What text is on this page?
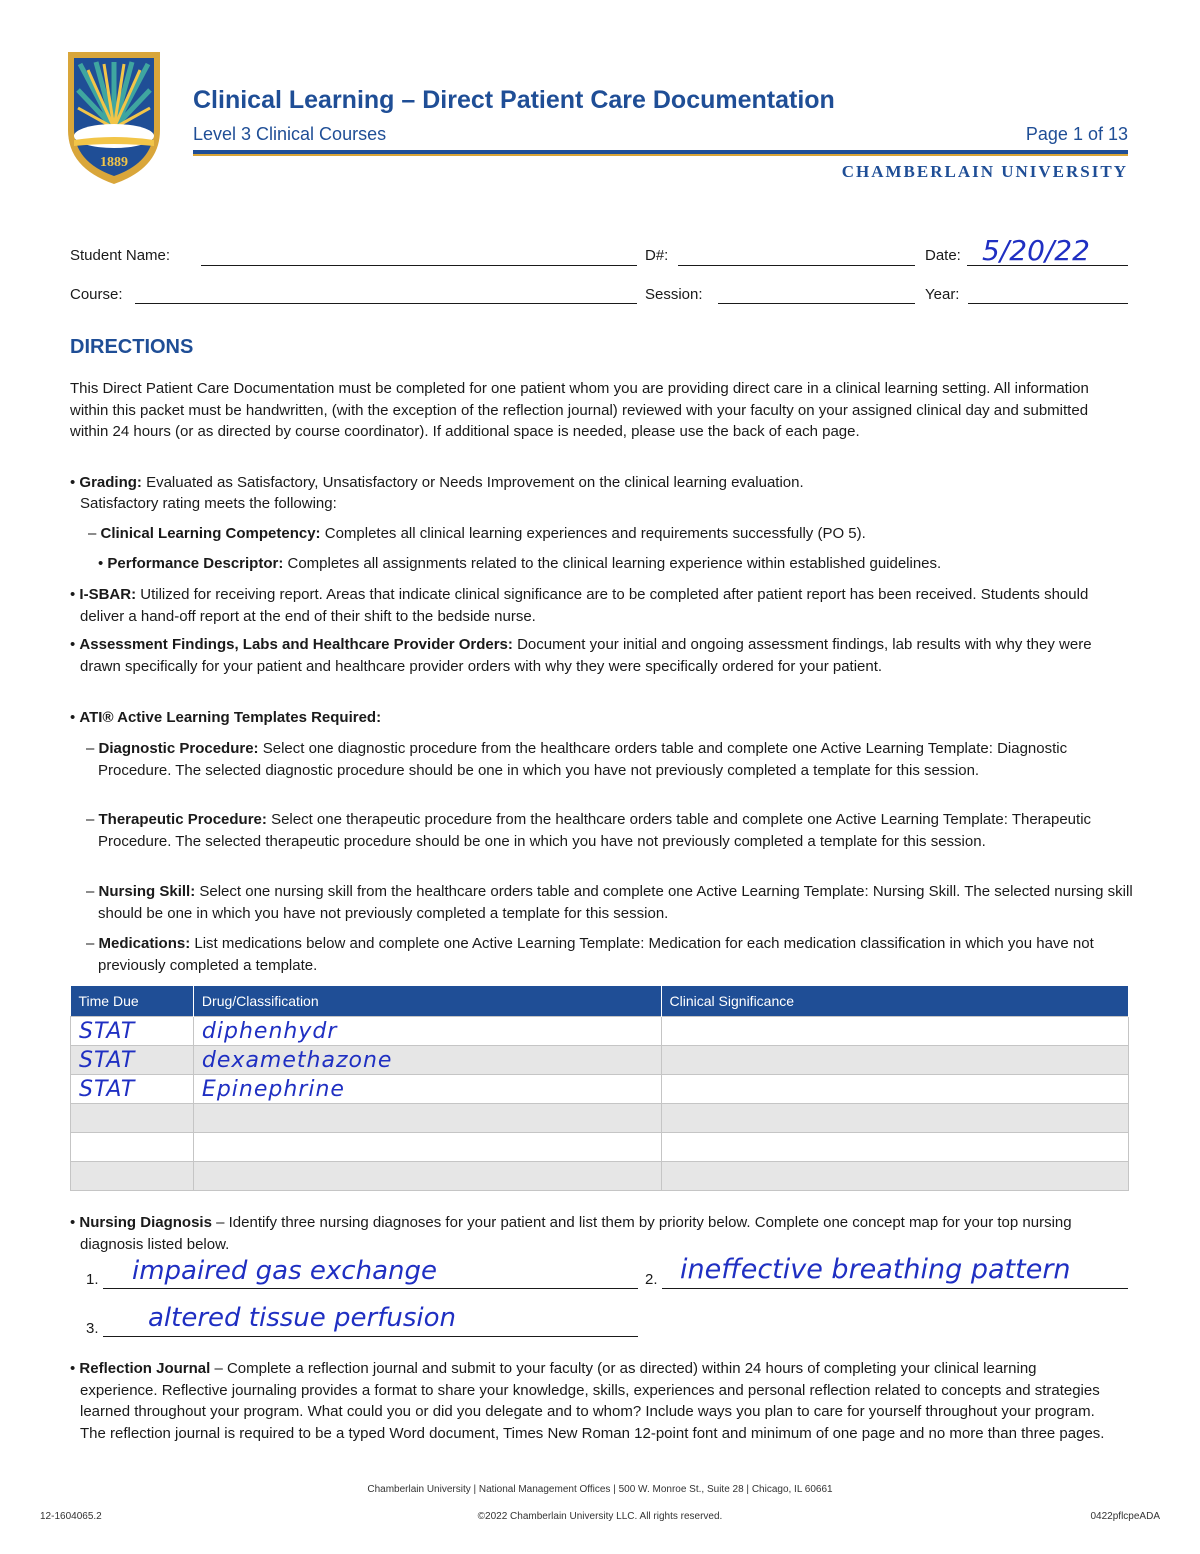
1889
Clinical Learning – Direct Patient Care Documentation
Level 3 Clinical Courses	Page 1 of 13
CHAMBERLAIN UNIVERSITY
Student Name:	D#:	Date: 5/20/22
Course:	Session:	Year:
DIRECTIONS
This Direct Patient Care Documentation must be completed for one patient whom you are providing direct care in a clinical learning setting. All information within this packet must be handwritten, (with the exception of the reflection journal) reviewed with your faculty on your assigned clinical day and submitted within 24 hours (or as directed by course coordinator). If additional space is needed, please use the back of each page.
• Grading: Evaluated as Satisfactory, Unsatisfactory or Needs Improvement on the clinical learning evaluation.
Satisfactory rating meets the following:
– Clinical Learning Competency: Completes all clinical learning experiences and requirements successfully (PO 5).
• Performance Descriptor: Completes all assignments related to the clinical learning experience within established guidelines.
• I-SBAR: Utilized for receiving report. Areas that indicate clinical significance are to be completed after patient report has been received. Students should deliver a hand-off report at the end of their shift to the bedside nurse.
• Assessment Findings, Labs and Healthcare Provider Orders: Document your initial and ongoing assessment findings, lab results with why they were drawn specifically for your patient and healthcare provider orders with why they were specifically ordered for your patient.
• ATI® Active Learning Templates Required:
– Diagnostic Procedure: Select one diagnostic procedure from the healthcare orders table and complete one Active Learning Template: Diagnostic Procedure. The selected diagnostic procedure should be one in which you have not previously completed a template for this session.
– Therapeutic Procedure: Select one therapeutic procedure from the healthcare orders table and complete one Active Learning Template: Therapeutic Procedure. The selected therapeutic procedure should be one in which you have not previously completed a template for this session.
– Nursing Skill: Select one nursing skill from the healthcare orders table and complete one Active Learning Template: Nursing Skill. The selected nursing skill should be one in which you have not previously completed a template for this session.
– Medications: List medications below and complete one Active Learning Template: Medication for each medication classification in which you have not previously completed a template.
Time Due	Drug/Classification	Clinical Significance
STAT	diphenhydr	
STAT	dexamethazone	
STAT	Epinephrine	

• Nursing Diagnosis – Identify three nursing diagnoses for your patient and list them by priority below. Complete one concept map for your top nursing diagnosis listed below.
1. impaired gas exchange	2. ineffective breathing pattern
3. altered tissue perfusion
• Reflection Journal – Complete a reflection journal and submit to your faculty (or as directed) within 24 hours of completing your clinical learning experience. Reflective journaling provides a format to share your knowledge, skills, experiences and personal reflection related to concepts and strategies learned throughout your program. What could you or did you delegate and to whom? Include ways you plan to care for yourself throughout your program. The reflection journal is required to be a typed Word document, Times New Roman 12-point font and minimum of one page and no more than three pages.
Chamberlain University | National Management Offices | 500 W. Monroe St., Suite 28 | Chicago, IL 60661
12-1604065.2	©2022 Chamberlain University LLC. All rights reserved.	0422pflcpeADA
